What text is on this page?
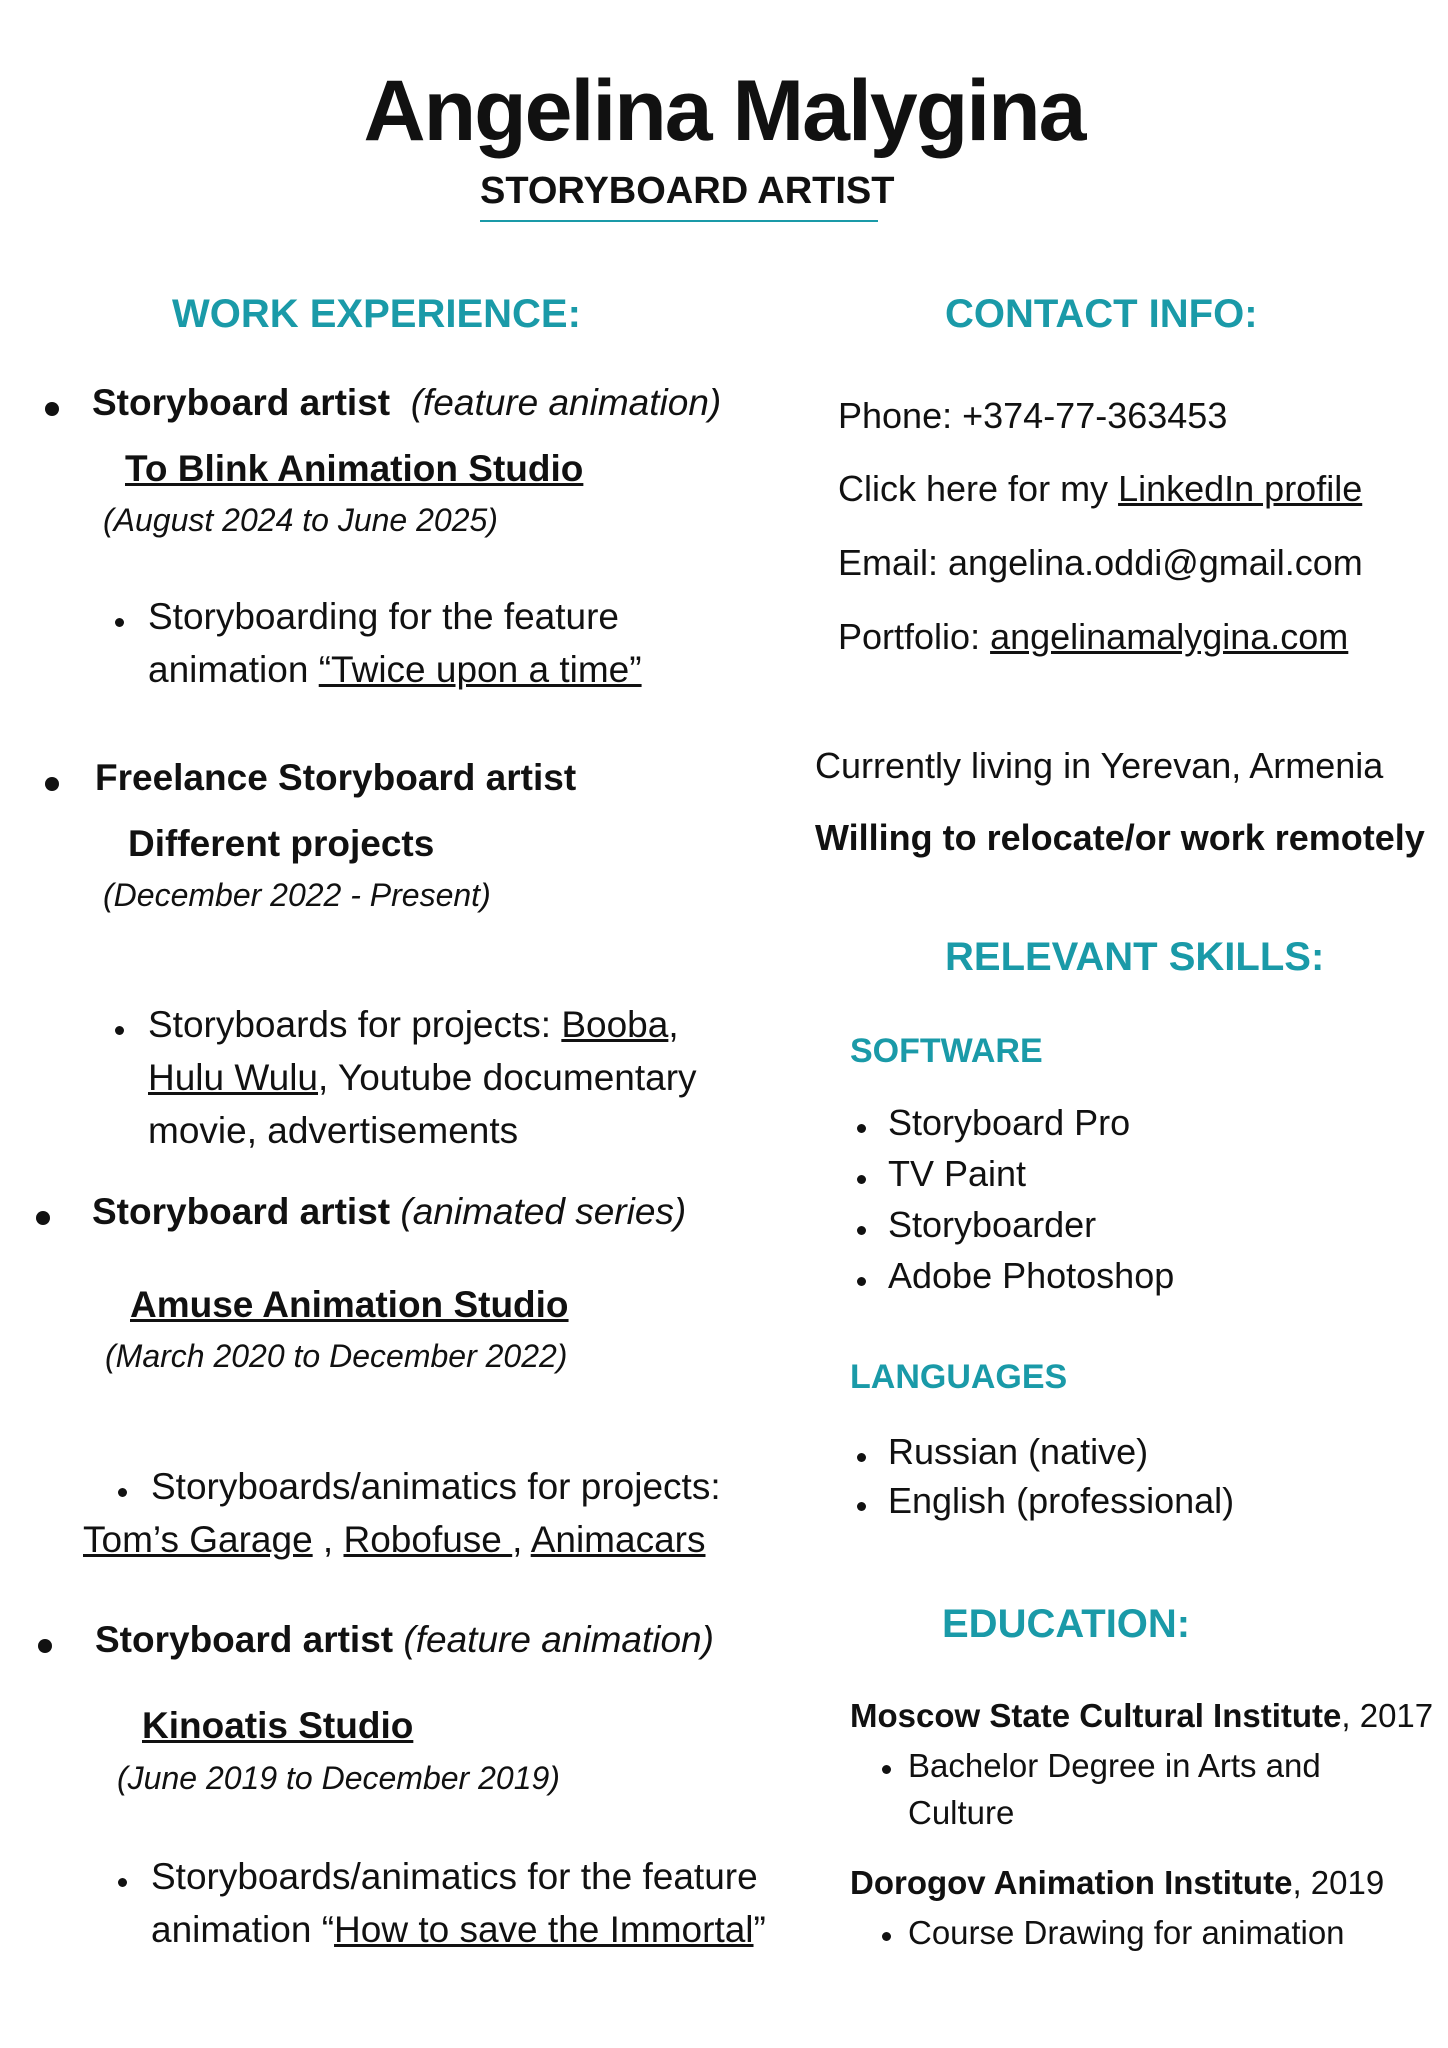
Angelina Malygina
STORYBOARD ARTIST
WORK EXPERIENCE:
Storyboard artist (feature animation)
To Blink Animation Studio
(August 2024 to June 2025)
Storyboarding for the feature
animation “Twice upon a time”
Freelance Storyboard artist
Different projects
(December 2022 - Present)
Storyboards for projects: Booba,
Hulu Wulu, Youtube documentary
movie, advertisements
Storyboard artist (animated series)
Amuse Animation Studio
(March 2020 to December 2022)
Storyboards/animatics for projects:
Tom’s Garage , Robofuse , Animacars
Storyboard artist (feature animation)
Kinoatis Studio
(June 2019 to December 2019)
Storyboards/animatics for the feature
animation “How to save the Immortal”
CONTACT INFO:
Phone: +374-77-363453
Click here for my LinkedIn profile
Email: angelina.oddi@gmail.com
Portfolio: angelinamalygina.com
Currently living in Yerevan, Armenia
Willing to relocate/or work remotely
RELEVANT SKILLS:
SOFTWARE
Storyboard Pro
TV Paint
Storyboarder
Adobe Photoshop
LANGUAGES
Russian (native)
English (professional)
EDUCATION:
Moscow State Cultural Institute, 2017
Bachelor Degree in Arts and
Culture
Dorogov Animation Institute, 2019
Course Drawing for animation
